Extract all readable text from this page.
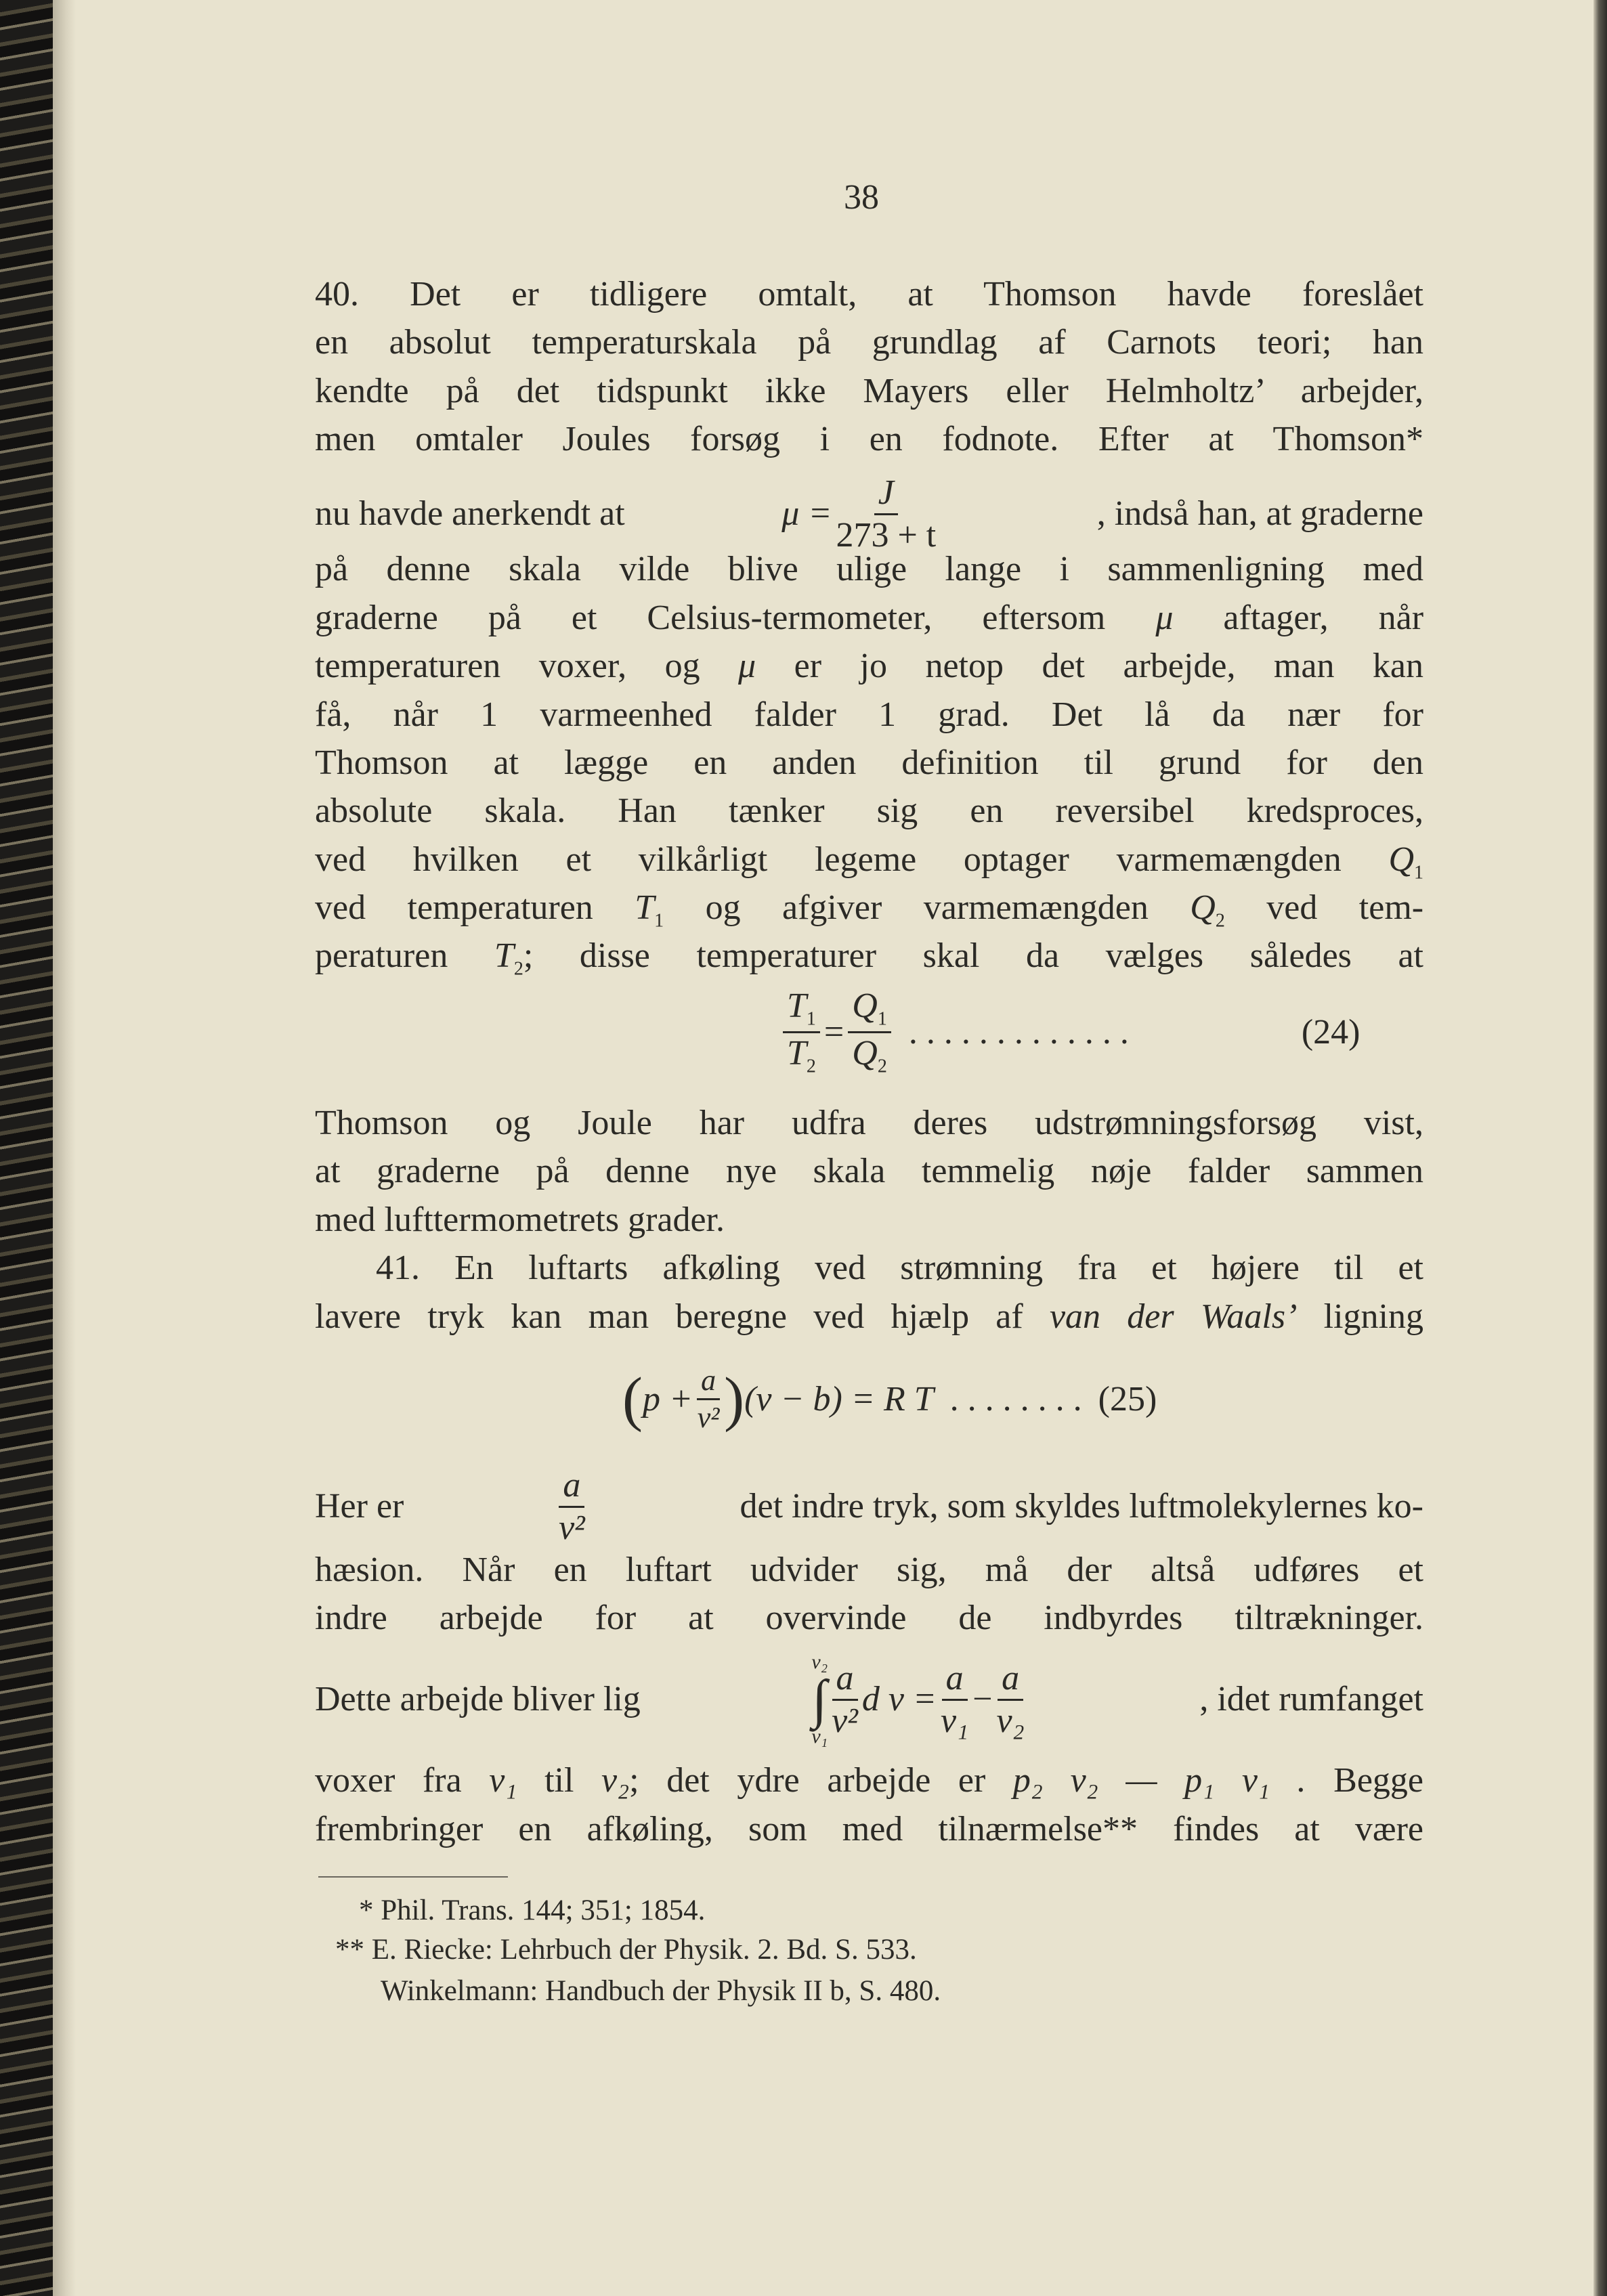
38
40. Det er tidligere omtalt, at Thomson havde foreslået
en absolut temperaturskala på grundlag af Carnots teori; han
kendte på det tidspunkt ikke Mayers eller Helmholtz’ arbejder,
men omtaler Joules forsøg i en fodnote. Efter at Thomson*
nu havde anerkendt at	$\mu = \frac{J}{273 + t}$	, indså han, at graderne
på denne skala vilde blive ulige lange i sammenligning med
graderne på et Celsius-termometer, eftersom μ aftager, når
temperaturen voxer, og μ er jo netop det arbejde, man kan
få, når 1 varmeenhed falder 1 grad. Det lå da nær for
Thomson at lægge en anden definition til grund for den
absolute skala. Han tænker sig en reversibel kredsproces,
ved hvilken et vilkårligt legeme optager varmemængden $Q_1$
ved temperaturen $T_1$ og afgiver varmemængden $Q_2$ ved tem-
peraturen $T_2$; disse temperaturer skal da vælges således at
$\frac{T_1}{T_2} = \frac{Q_1}{Q_2}$ . . . . . . . . . . . . .	(24)
Thomson og Joule har udfra deres udstrømningsforsøg vist,
at graderne på denne nye skala temmelig nøje falder sammen
med lufttermometrets grader.
41. En luftarts afkøling ved strømning fra et højere til et
lavere tryk kan man beregne ved hjælp af van der Waals’ ligning
( $p + \frac{a}{\text{v²}}$ ) (v − b) = R T . . . . . . . . (25)
Her er	$\frac{a}{\text{v²}}$	det indre tryk, som skyldes luftmolekylernes ko-
hæsion. Når en luftart udvider sig, må der altså udføres et
indre arbejde for at overvinde de indbyrdes tiltrækninger.
Dette arbejde bliver lig
v₂
∫
$v_1 \frac{a}{\text{v²}}$ d $v = \frac{a}{\text{v₁}} - \frac{a}{\text{v₂}}$	, idet rumfanget
voxer fra v₁ til v₂; det ydre arbejde er p₂ v₂ — p₁ v₁ . Begge
frembringer en afkøling, som med tilnærmelse** findes at være
* Phil. Trans. 144; 351; 1854.
** E. Riecke: Lehrbuch der Physik. 2. Bd. S. 533.
Winkelmann: Handbuch der Physik II b, S. 480.
